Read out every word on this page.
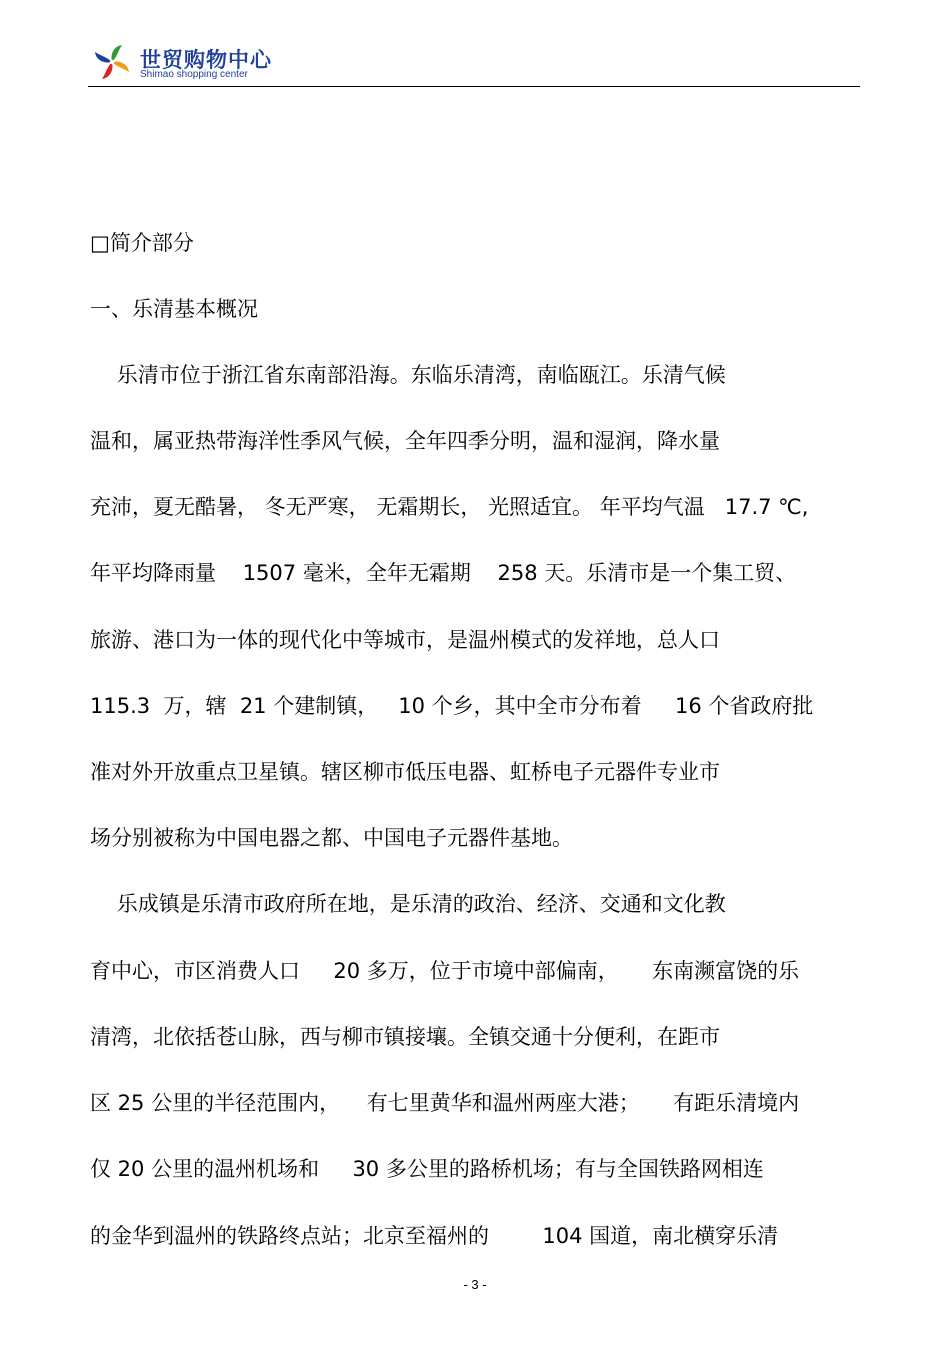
世贸购物中心
Shimao shopping center
□简介部分
一、乐清基本概况
乐清市位于浙江省东南部沿海。东临乐清湾，南临瓯江。乐清气候
温和，属亚热带海洋性季风气候，全年四季分明，温和湿润，降水量
充沛，夏无酷暑， 冬无严寒， 无霜期长， 光照适宜。 年平均气温   17.7 ℃,
年平均降雨量    1507 毫米，全年无霜期    258 天。乐清市是一个集工贸、
旅游、港口为一体的现代化中等城市，是温州模式的发祥地，总人口
115.3  万，辖  21 个建制镇，   10 个乡，其中全市分布着     16 个省政府批
准对外开放重点卫星镇。辖区柳市低压电器、虹桥电子元器件专业市
场分别被称为中国电器之都、中国电子元器件基地。
乐成镇是乐清市政府所在地，是乐清的政治、经济、交通和文化教
育中心，市区消费人口     20 多万，位于市境中部偏南，     东南濒富饶的乐
清湾，北依括苍山脉，西与柳市镇接壤。全镇交通十分便利，在距市
区 25 公里的半径范围内，    有七里黄华和温州两座大港；     有距乐清境内
仅 20 公里的温州机场和     30 多公里的路桥机场；有与全国铁路网相连
的金华到温州的铁路终点站；北京至福州的        104 国道，南北横穿乐清
- 3 -
